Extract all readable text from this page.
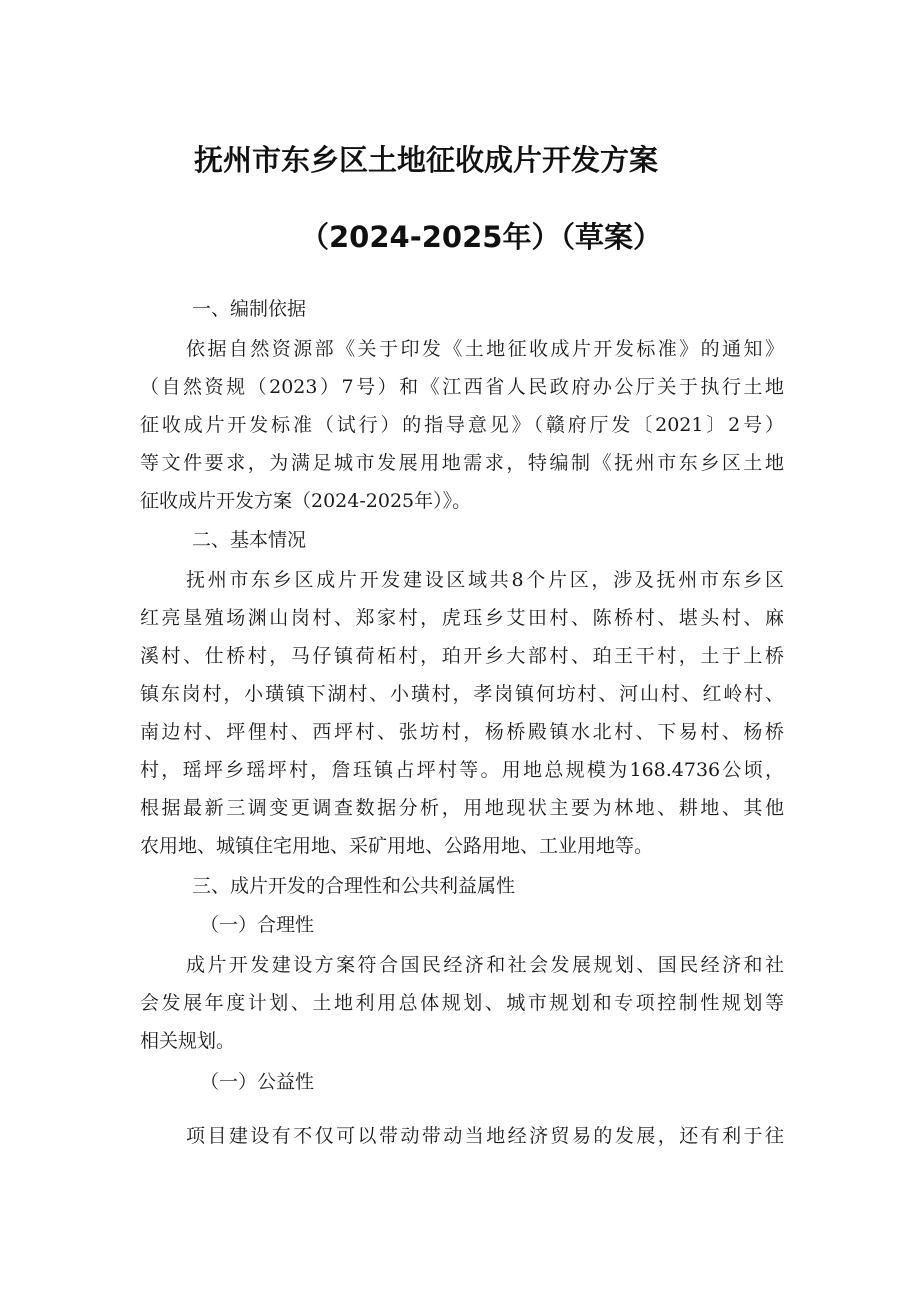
抚州市东乡区土地征收成片开发方案
（2024-2025年）（草案）

一、编制依据

依据自然资源部《关于印发《土地征收成片开发标准》的通知》

（自然资规（2023）7号）和《江西省人民政府办公厅关于执行土地

征收成片开发标准（试行）的指导意见》（赣府厅发〔2021〕2号）

等文件要求，为满足城市发展用地需求，特编制《抚州市东乡区土地

征收成片开发方案（2024-2025年）》。

二、基本情况

抚州市东乡区成片开发建设区域共8个片区，涉及抚州市东乡区

红亮垦殖场渊山岗村、郑家村，虎珏乡艾田村、陈桥村、堪头村、麻

溪村、仕桥村，马仔镇荷柘村，珀开乡大部村、珀王干村，土于上桥

镇东岗村，小璜镇下湖村、小璜村，孝岗镇何坊村、河山村、红岭村、

南边村、坪俚村、西坪村、张坊村，杨桥殿镇水北村、下易村、杨桥

村，瑶坪乡瑶坪村，詹珏镇占坪村等。用地总规模为168.4736公顷，

根据最新三调变更调查数据分析，用地现状主要为林地、耕地、其他

农用地、城镇住宅用地、采矿用地、公路用地、工业用地等。

三、成片开发的合理性和公共利益属性

（一）合理性

成片开发建设方案符合国民经济和社会发展规划、国民经济和社

会发展年度计划、土地利用总体规划、城市规划和专项控制性规划等

相关规划。

（一）公益性

项目建设有不仅可以带动带动当地经济贸易的发展，还有利于往
